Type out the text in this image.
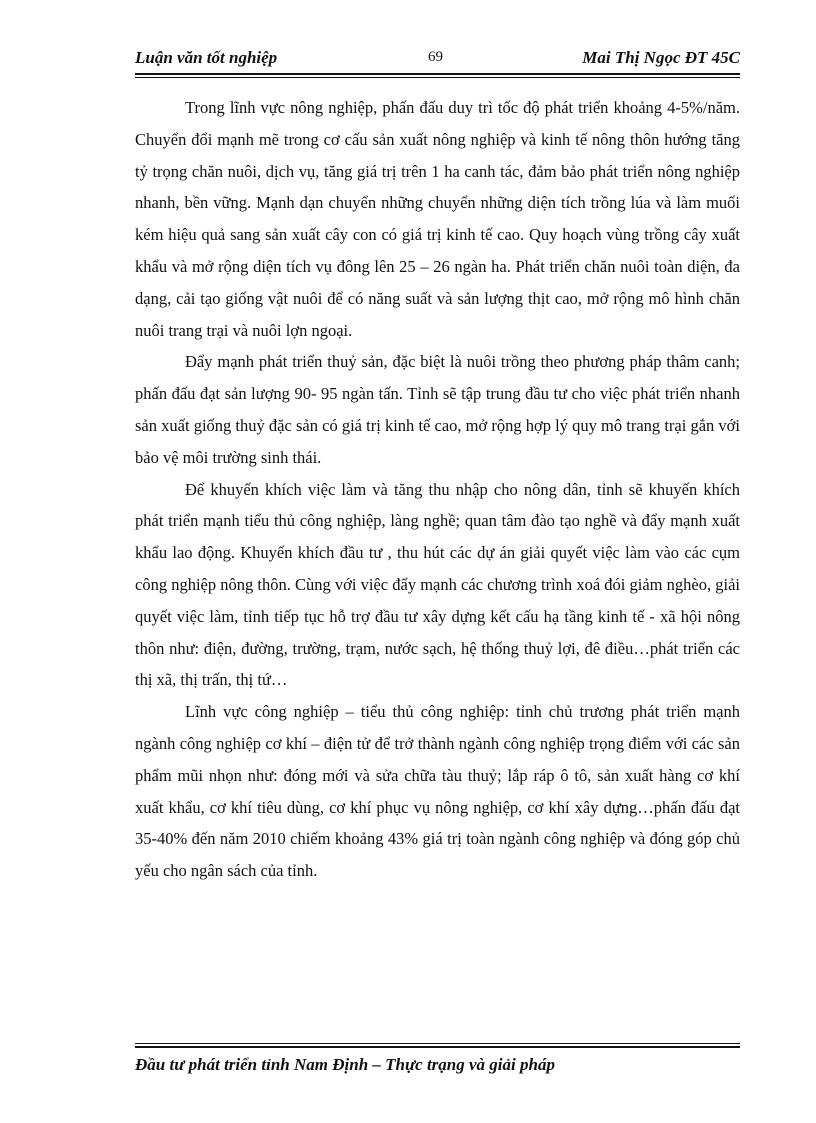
Luận văn tốt nghiệp	69	Mai Thị Ngọc ĐT 45C

Trong lĩnh vực nông nghiệp, phấn đấu duy trì tốc độ phát triển khoảng 4-5%/năm. Chuyển đổi mạnh mẽ trong cơ cấu sản xuất nông nghiệp và kinh tế nông thôn hướng tăng tỷ trọng chăn nuôi, dịch vụ, tăng giá trị trên 1 ha canh tác, đảm bảo phát triển nông nghiệp nhanh, bền vững. Mạnh dạn chuyển những chuyển những diện tích trồng lúa và làm muối kém hiệu quả sang sản xuất cây con có giá trị kinh tế cao. Quy hoạch vùng trồng cây xuất khẩu và mở rộng diện tích vụ đông lên 25 – 26 ngàn ha. Phát triển chăn nuôi toàn diện, đa dạng, cải tạo giống vật nuôi để có năng suất và sản lượng thịt cao, mở rộng mô hình chăn nuôi trang trại và nuôi lợn ngoại.

Đẩy mạnh phát triển thuỷ sản, đặc biệt là nuôi trồng theo phương pháp thâm canh; phấn đấu đạt sản lượng 90- 95 ngàn tấn. Tỉnh sẽ tập trung đầu tư cho việc phát triển nhanh sản xuất giống thuỷ đặc sản có giá trị kinh tế cao, mở rộng hợp lý quy mô trang trại gắn với bảo vệ môi trường sinh thái.

Để khuyến khích việc làm và tăng thu nhập cho nông dân, tỉnh sẽ khuyến khích phát triển mạnh tiểu thủ công nghiệp, làng nghề; quan tâm đào tạo nghề và đẩy mạnh xuất khẩu lao động. Khuyến khích đầu tư , thu hút các dự án giải quyết việc làm vào các cụm công nghiệp nông thôn. Cùng với việc đẩy mạnh các chương trình xoá đói giảm nghèo, giải quyết việc làm, tỉnh tiếp tục hỗ trợ đầu tư xây dựng kết cấu hạ tầng kinh tế - xã hội nông thôn như: điện, đường, trường, trạm, nước sạch, hệ thống thuỷ lợi, đê điều…phát triển các thị xã, thị trấn, thị tứ…

Lĩnh vực công nghiệp – tiểu thủ công nghiệp: tỉnh chủ trương phát triển mạnh ngành công nghiệp cơ khí – điện tử để trở thành ngành công nghiệp trọng điểm với các sản phẩm mũi nhọn như: đóng mới và sửa chữa tàu thuỷ; lắp ráp ô tô, sản xuất hàng cơ khí xuất khẩu, cơ khí tiêu dùng, cơ khí phục vụ nông nghiệp, cơ khí xây dựng…phấn đấu đạt 35-40% đến năm 2010 chiếm khoảng 43% giá trị toàn ngành công nghiệp và đóng góp chủ yếu cho ngân sách của tỉnh.

Đầu tư phát triển tỉnh Nam Định – Thực trạng và giải pháp
